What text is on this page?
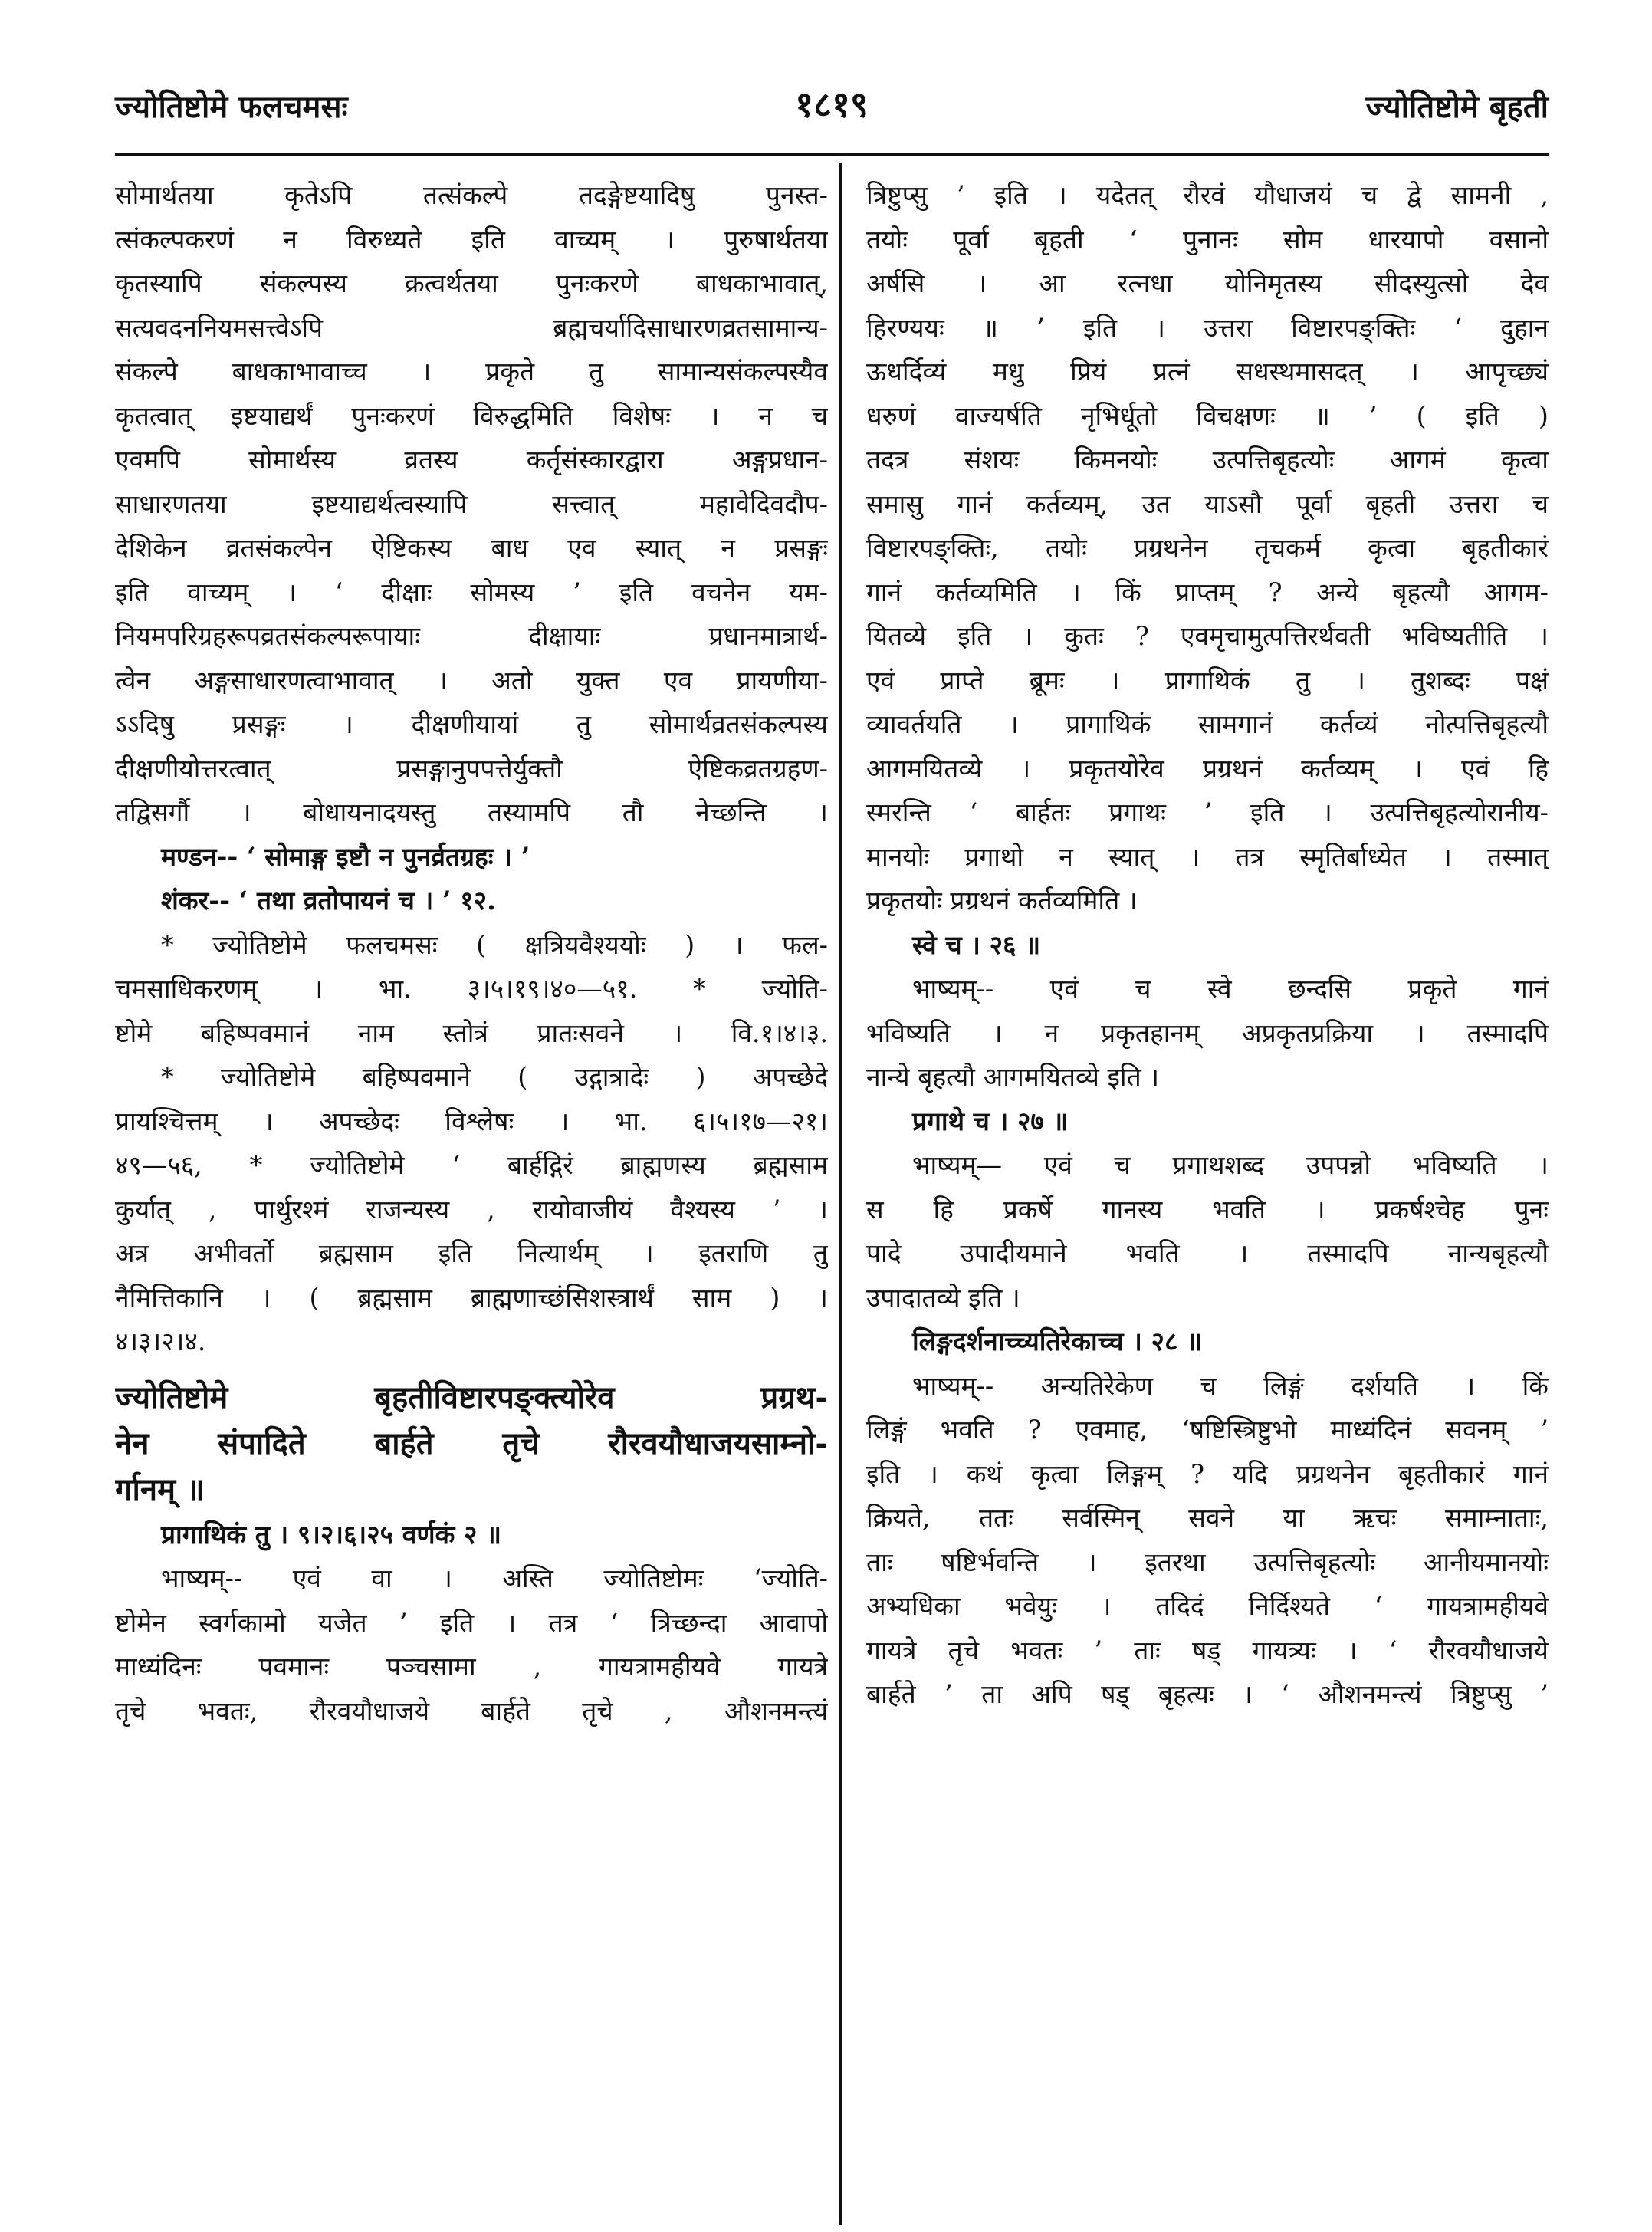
ज्योतिष्टोमे फलचमसः	१८१९	ज्योतिष्टोमे बृहती

सोमार्थतया कृतेऽपि तत्संकल्पे तदङ्गेष्टयादिषु पुनस्त-

त्संकल्पकरणं न विरुध्यते इति वाच्यम् । पुरुषार्थतया

कृतस्यापि संकल्पस्य क्रत्वर्थतया पुनःकरणे बाधकाभावात्,

सत्यवदननियमसत्त्वेऽपि ब्रह्मचर्यादिसाधारणव्रतसामान्य-

संकल्पे बाधकाभावाच्च । प्रकृते तु सामान्यसंकल्पस्यैव

कृतत्वात् इष्टयाद्यर्थं पुनःकरणं विरुद्धमिति विशेषः । न च

एवमपि सोमार्थस्य व्रतस्य कर्तृसंस्कारद्वारा अङ्गप्रधान-

साधारणतया इष्टयाद्यर्थत्वस्यापि सत्त्वात् महावेदिवदौप-

देशिकेन व्रतसंकल्पेन ऐष्टिकस्य बाध एव स्यात् न प्रसङ्गः

इति वाच्यम् । ‘ दीक्षाः सोमस्य ’ इति वचनेन यम-

नियमपरिग्रहरूपव्रतसंकल्परूपायाः दीक्षायाः प्रधानमात्रार्थ-

त्वेन अङ्गसाधारणत्वाभावात् । अतो युक्त एव प्रायणीया-

ऽऽदिषु प्रसङ्गः । दीक्षणीयायां तु सोमार्थव्रतसंकल्पस्य

दीक्षणीयोत्तरत्वात् प्रसङ्गानुपपत्तेर्युक्तौ ऐष्टिकव्रतग्रहण-

तद्विसर्गौ । बोधायनादयस्तु तस्यामपि तौ नेच्छन्ति ।

मण्डन-- ‘ सोमाङ्ग इष्टौ न पुनर्व्रतग्रहः । ’

शंकर-- ‘ तथा व्रतोपायनं च । ’ १२.

* ज्योतिष्टोमे फलचमसः ( क्षत्रियवैश्ययोः ) । फल-

चमसाधिकरणम् । भा. ३।५।१९।४०—५१. * ज्योति-

ष्टोमे बहिष्पवमानं नाम स्तोत्रं प्रातःसवने । वि.१।४।३.

* ज्योतिष्टोमे बहिष्पवमाने ( उद्गात्रादेः ) अपच्छेदे

प्रायश्चित्तम् । अपच्छेदः विश्लेषः । भा. ६।५।१७—२१।

४९—५६, * ज्योतिष्टोमे ‘ बार्हद्गिरं ब्राह्मणस्य ब्रह्मसाम

कुर्यात् , पार्थुरश्मं राजन्यस्य , रायोवाजीयं वैश्यस्य ’ ।

अत्र अभीवर्तो ब्रह्मसाम इति नित्यार्थम् । इतराणि तु

नैमित्तिकानि । ( ब्रह्मसाम ब्राह्मणाच्छंसिशस्त्रार्थं साम ) ।

४।३।२।४.

ज्योतिष्टोमे बृहतीविष्टारपङ्क्त्योरेव प्रग्रथ-

नेन संपादिते बार्हते तृचे रौरवयौधाजयसाम्नो-

र्गानम् ॥

प्रागाथिकं तु । ९।२।६।२५ वर्णकं २ ॥

भाष्यम्-- एवं वा । अस्ति ज्योतिष्टोमः ‘ज्योति-

ष्टोमेन स्वर्गकामो यजेत ’ इति । तत्र ‘ त्रिच्छन्दा आवापो

माध्यंदिनः पवमानः पञ्चसामा , गायत्रामहीयवे गायत्रे

तृचे भवतः, रौरवयौधाजये बार्हते तृचे , औशनमन्त्यं

त्रिष्टुप्सु ’ इति । यदेतत् रौरवं यौधाजयं च द्वे सामनी ,

तयोः पूर्वा बृहती ‘ पुनानः सोम धारयापो वसानो

अर्षसि । आ रत्नधा योनिमृतस्य सीदस्युत्सो देव

हिरण्ययः ॥ ’ इति । उत्तरा विष्टारपङ्क्तिः ‘ दुहान

ऊधर्दिव्यं मधु प्रियं प्रत्नं सधस्थमासदत् । आपृच्छ्यं

धरुणं वाज्यर्षति नृभिर्धूतो विचक्षणः ॥ ’ ( इति )

तदत्र संशयः किमनयोः उत्पत्तिबृहत्योः आगमं कृत्वा

समासु गानं कर्तव्यम्, उत याऽसौ पूर्वा बृहती उत्तरा च

विष्टारपङ्क्तिः, तयोः प्रग्रथनेन तृचकर्म कृत्वा बृहतीकारं

गानं कर्तव्यमिति । किं प्राप्तम् ? अन्ये बृहत्यौ आगम-

यितव्ये इति । कुतः ? एवमृचामुत्पत्तिरर्थवती भविष्यतीति ।

एवं प्राप्ते ब्रूमः । प्रागाथिकं तु । तुशब्दः पक्षं

व्यावर्तयति । प्रागाथिकं सामगानं कर्तव्यं नोत्पत्तिबृहत्यौ

आगमयितव्ये । प्रकृतयोरेव प्रग्रथनं कर्तव्यम् । एवं हि

स्मरन्ति ‘ बार्हतः प्रगाथः ’ इति । उत्पत्तिबृहत्योरानीय-

मानयोः प्रगाथो न स्यात् । तत्र स्मृतिर्बाध्येत । तस्मात्

प्रकृतयोः प्रग्रथनं कर्तव्यमिति ।

स्वे च । २६ ॥

भाष्यम्-- एवं च स्वे छन्दसि प्रकृते गानं

भविष्यति । न प्रकृतहानम् अप्रकृतप्रक्रिया । तस्मादपि

नान्ये बृहत्यौ आगमयितव्ये इति ।

प्रगाथे च । २७ ॥

भाष्यम्— एवं च प्रगाथशब्द उपपन्नो भविष्यति ।

स हि प्रकर्षे गानस्य भवति । प्रकर्षश्चेह पुनः

पादे उपादीयमाने भवति । तस्मादपि नान्यबृहत्यौ

उपादातव्ये इति ।

लिङ्गदर्शनाच्च्यतिरेकाच्च । २८ ॥

भाष्यम्-- अन्यतिरेकेण च लिङ्गं दर्शयति । किं

लिङ्गं भवति ? एवमाह, ‘षष्टिस्त्रिष्टुभो माध्यंदिनं सवनम् ’

इति । कथं कृत्वा लिङ्गम् ? यदि प्रग्रथनेन बृहतीकारं गानं

क्रियते, ततः सर्वस्मिन् सवने या ऋचः समाम्नाताः,

ताः षष्टिर्भवन्ति । इतरथा उत्पत्तिबृहत्योः आनीयमानयोः

अभ्यधिका भवेयुः । तदिदं निर्दिश्यते ‘ गायत्रामहीयवे

गायत्रे तृचे भवतः ’ ताः षड् गायत्र्यः । ‘ रौरवयौधाजये

बार्हते ’ ता अपि षड् बृहत्यः । ‘ औशनमन्त्यं त्रिष्टुप्सु ’
